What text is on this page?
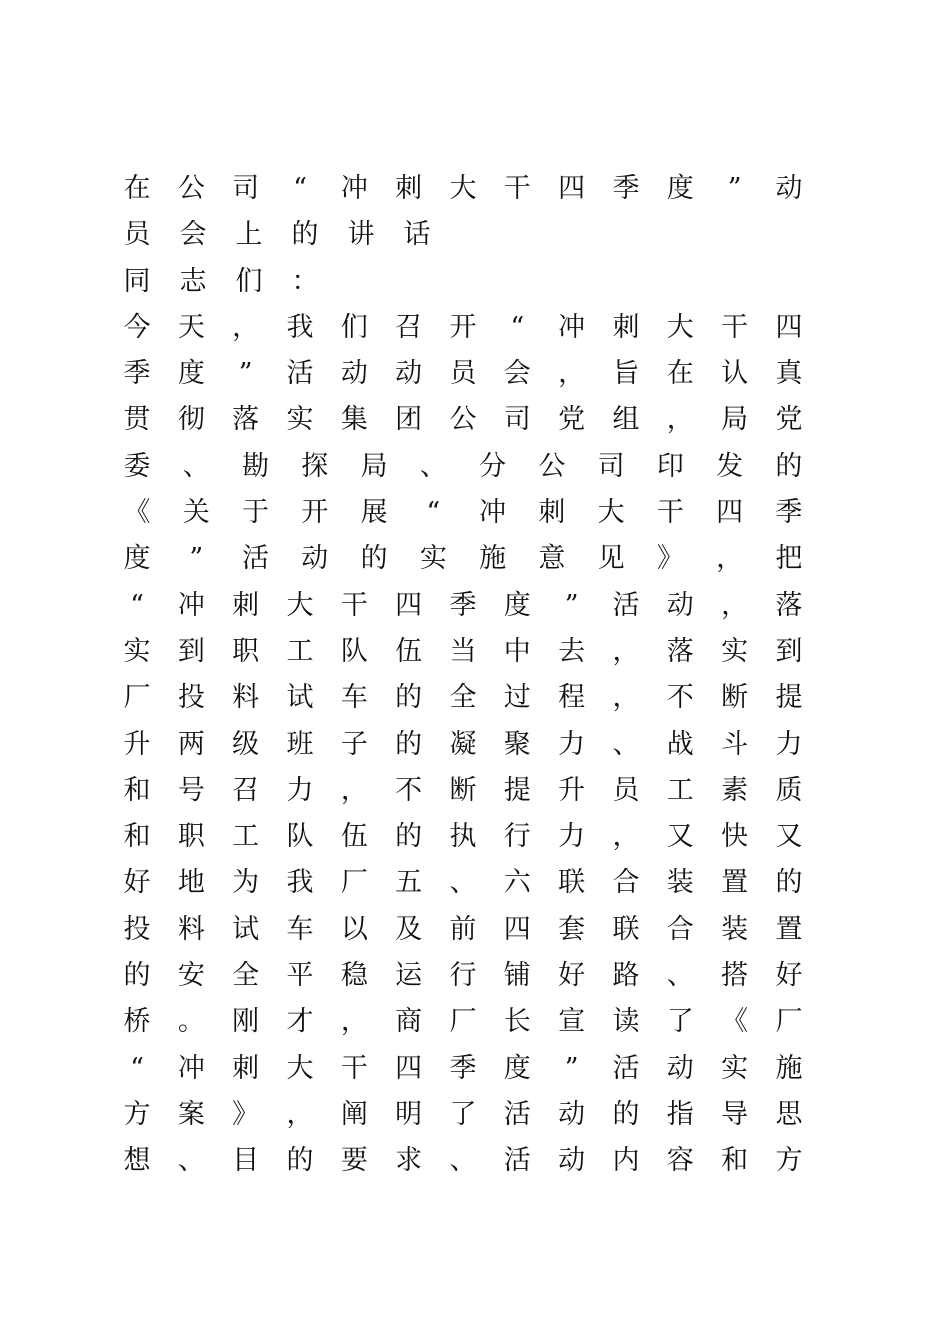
在 公 司 “ 冲 刺 大 干 四 季 度 ” 动
员 会 上 的 讲 话
同 志 们 ：
今 天 ， 我 们 召 开 “ 冲 刺 大 干 四
季 度 ” 活 动 动 员 会 ， 旨 在 认 真
贯 彻 落 实 集 团 公 司 党 组 ， 局 党
委 、 勘 探 局 、 分 公 司 印 发 的
《 关 于 开 展 “ 冲 刺 大 干 四 季
度 ” 活 动 的 实 施 意 见 》 ， 把
“ 冲 刺 大 干 四 季 度 ” 活 动 ， 落
实 到 职 工 队 伍 当 中 去 ， 落 实 到
厂 投 料 试 车 的 全 过 程 ， 不 断 提
升 两 级 班 子 的 凝 聚 力 、 战 斗 力
和 号 召 力 ， 不 断 提 升 员 工 素 质
和 职 工 队 伍 的 执 行 力 ， 又 快 又
好 地 为 我 厂 五 、 六 联 合 装 置 的
投 料 试 车 以 及 前 四 套 联 合 装 置
的 安 全 平 稳 运 行 铺 好 路 、 搭 好
桥 。 刚 才 ， 商 厂 长 宣 读 了 《 厂
“ 冲 刺 大 干 四 季 度 ” 活 动 实 施
方 案 》 ， 阐 明 了 活 动 的 指 导 思
想 、 目 的 要 求 、 活 动 内 容 和 方
